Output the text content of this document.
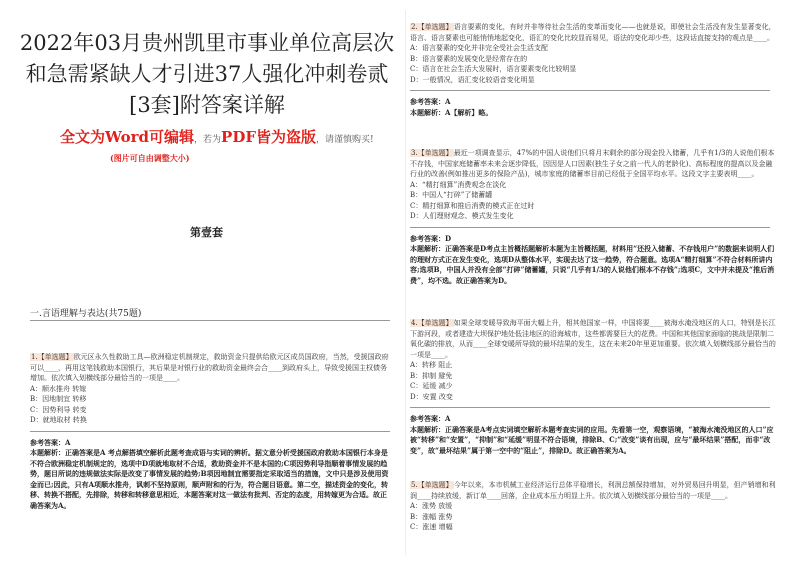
2022年03月贵州凯里市事业单位高层次和急需紧缺人才引进37人强化冲刺卷贰[3套]附答案详解
全文为Word可编辑，若为PDF皆为盗版，请谨慎购买!
(图片可自由调整大小)
第壹套
一.言语理解与表达(共75题)

1.【单选题】欧元区永久性救助工具—欧洲稳定机制规定，救助资金只提供给欧元区成员国政府，当然，受援国政府可以____，再用这笔钱救助本国银行，其后果是对银行业的救助资金最终会合____到政府头上，导致受援国主权债务增加。依次填入划横线部分最恰当的一项是____。

A：顺水推舟 转嫁

B：因地制宜 转移

C：因势利导 转变

D：就地取材 转换

参考答案：A

本题解析：正确答案是A 考点解搭填空解析此题考查成语与实词的辨析。据文意分析受援国政府救助本国银行本身是不符合欧洲稳定机制规定的，选项中D项就地取材不合适，救助资金并不是本国的;C项因势利导指顺着事情发展的趋势，题目所说的违规做法实际是改变了事情发展的趋势;B项因地制宜需要指定采取适当的措施，文中只是涉及使用资金而已;因此，只有A项顺水推舟，讽刺不坚持原则，顺声附和的行为，符合题目语意。第二空，描述资金的变化，转移、转换不搭配，先排除，转移和转移意思相近，本题答案对这一做法有批判、否定的态度，用转嫁更为合适。故正确答案为A。

2.【单选题】语言要素的变化，有时并非等待社会生活的变革而变化——也就是说，即使社会生活没有发生显著变化，语言、语言要素也可能悄悄地起变化，语汇的变化比较显而易见，语法的变化却少些，这段话直接支持的观点是____。

A：语言要素的变化并非完全受社会生活支配

B：语言要素的发展变化是经常存在的

C：语言在社会生活大发展时，语言要素变化比较明显

D：一般情况，语汇变化较语音变化明显

参考答案：A

本题解析：A【解析】略。

3.【单选题】最近一项调查显示，47%的中国人说他们只将月末剩余的部分现金投入储蓄，几乎有1/3的人说他们根本不存钱，中国家庭储蓄率未来会逐步降低，因因是人口因素(独生子女之前一代人的老龄化)、高标程度的提高以及金融行业的改善(例如推出更多的保险产品)，城市家庭的储蓄率目前已经低于全国平均水平。这段文字主要表明____。

A：“精打细算”消费观念在淡化

B：中国人“打碎”了储蓄罐

C：精打细算和推后消费的模式正在过时

D：人们理财观念、模式发生变化

参考答案：D

本题解析：正确答案是D考点主旨概括题解析本题为主旨概括题，材料用“还投入储蓄、不存钱用户”的数据来说明人们的理财方式正在发生变化，选项D从整体水平，实现去达了这一趋势，符合题意。选项A“精打细算”不符合材料所讲内容;选项B，中国人并没有全部“打碎”储蓄罐，只说“几乎有1/3的人说他们根本不存钱”;选项C，文中并未提及“推后消费”，均不选。故正确答案为D。

4.【单选题】如果全球变暖导致海平面大幅上升，相其他国家一样，中国将要____被海水淹没地区的人口，特别是长江下游河段，或者建造大坝保护地处低洼地区的沿海城市，这些都需要巨大的花费。中国和其他国家面临的挑战是限制二氧化碳的排放，从而____全球变暖所导致的最坏结果的发生，这在未来20年里更加重要。依次填入划横线部分最恰当的一项是____。

A：转移 阻止

B：抑制 避免

C：延缓 减少

D：安置 改变

参考答案：A

本题解析：正确答案是A考点实词填空解析本题考查实词的应用。先看第一空，观察语境，“被海水淹没地区的人口”应被“转移”和“安置”，“抑制”和“延缓”明显不符合语境，排除B、C;“改变”谈有出现，应与“最坏结果”搭配，而非“改变”，故“最坏结果”属于第一空中的“阻止”，排除D。故正确答案为A。

5.【单选题】今年以来，本市机械工业经济运行总体平稳增长，利润总额保持增加，对外贸易回升明显，但产销增和利润____持续放缓，新订单____回落，企业成本压力明显上升。依次填入划横线部分最恰当的一项是____。

A：涨势 放缓

B：涨幅 涨势

C：涨速 增幅
